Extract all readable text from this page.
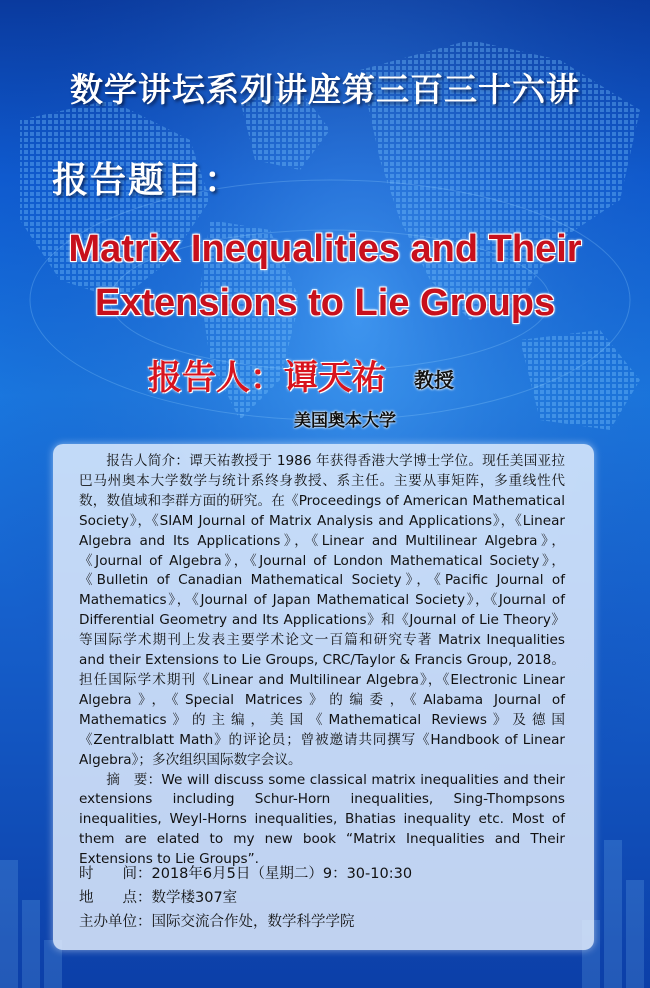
数学讲坛系列讲座第三百三十六讲
报告题目：
Matrix Inequalities and Their
Extensions to Lie Groups
报告人：谭天祐 教授
美国奥本大学

报告人简介：谭天祐教授于 1986 年获得香港大学博士学位。现任美国亚拉巴马州奥本大学数学与统计系终身教授、系主任。主要从事矩阵，多重线性代数，数值域和李群方面的研究。在《Proceedings of American Mathematical Society》，《SIAM Journal of Matrix Analysis and Applications》，《Linear Algebra and Its Applications》，《Linear and Multilinear Algebra》，《Journal of Algebra》，《Journal of London Mathematical Society》，《Bulletin of Canadian Mathematical Society》，《Pacific Journal of Mathematics》，《Journal of Japan Mathematical Society》，《Journal of Differential Geometry and Its Applications》和《Journal of Lie Theory》等国际学术期刊上发表主要学术论文一百篇和研究专著 Matrix Inequalities and their Extensions to Lie Groups, CRC/Taylor & Francis Group, 2018。担任国际学术期刊《Linear and Multilinear Algebra》，《Electronic Linear Algebra》，《Special Matrices》的编委，《Alabama Journal of Mathematics》的主编，美国《Mathematical Reviews》及德国《Zentralblatt Math》的评论员；曾被邀请共同撰写《Handbook of Linear Algebra》；多次组织国际数字会议。

摘　要：We will discuss some classical matrix inequalities and their extensions including Schur-Horn inequalities, Sing-Thompsons inequalities, Weyl-Horns inequalities, Bhatias inequality etc. Most of them are elated to my new book “Matrix Inequalities and Their Extensions to Lie Groups”.

时　　间： 2018年6月5日（星期二）9：30-10:30
地　　点： 数学楼307室
主办单位： 国际交流合作处，数学科学学院
